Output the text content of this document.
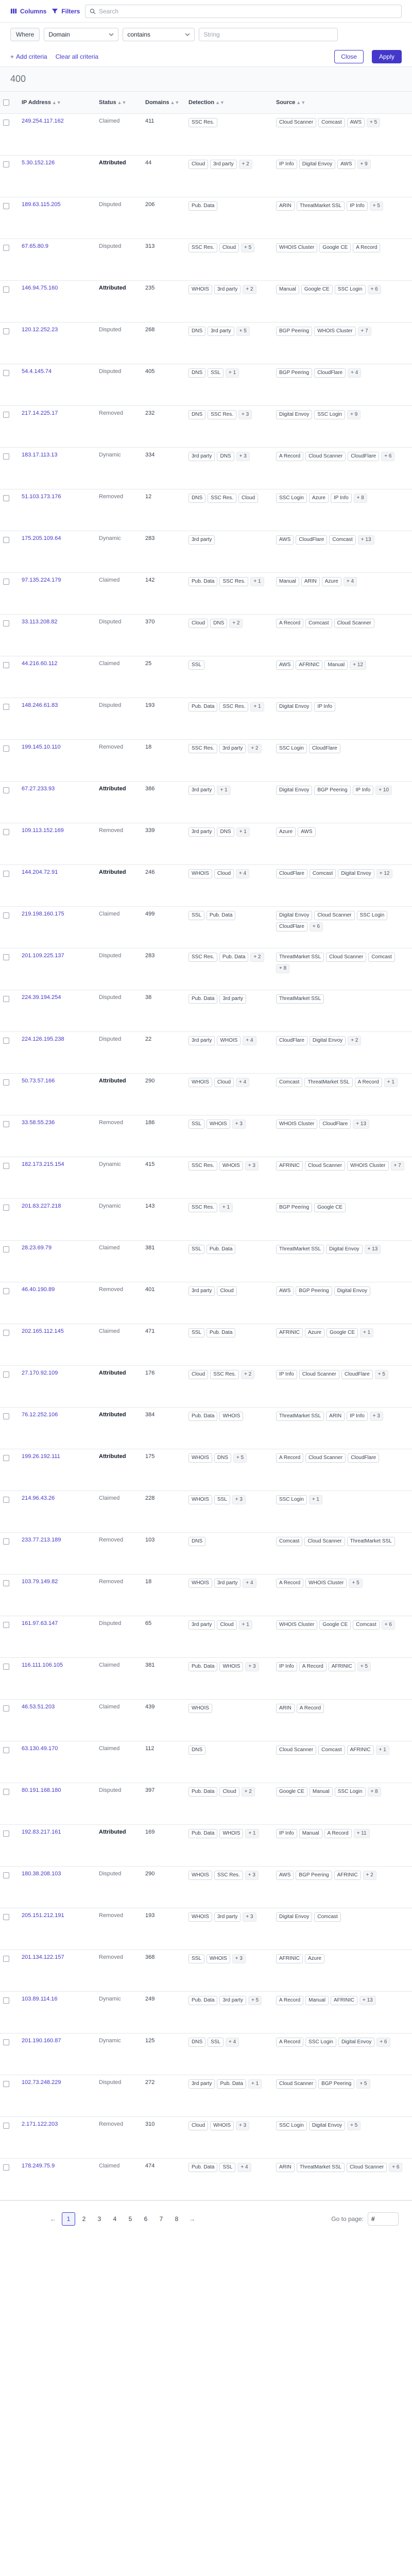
Columns Filters
Search
Where	Domain	contains
String
+ Add criteria Clear all criteria	Close	Apply
400
	IP Address ▲▼	Status ▲▼	Domains ▲▼	Detection ▲▼	Source ▲▼
	249.254.117.162	Claimed	411	SSC Res.	Cloud Scanner Comcast AWS + 5

	5.30.152.126	Attributed	44	Cloud 3rd party + 2	IP Info Digital Envoy AWS + 9

	189.63.115.205	Disputed	206	Pub. Data	ARIN ThreatMarket SSL IP Info + 5

	67.65.80.9	Disputed	313	SSC Res. Cloud + 5	WHOIS Cluster Google CE A Record

	146.94.75.160	Attributed	235	WHOIS 3rd party + 2	Manual Google CE SSC Login + 6

	120.12.252.23	Disputed	268	DNS 3rd party + 5	BGP Peering WHOIS Cluster + 7

	54.4.145.74	Disputed	405	DNS SSL + 1	BGP Peering CloudFlare + 4

	217.14.225.17	Removed	232	DNS SSC Res. + 3	Digital Envoy SSC Login + 9

	183.17.113.13	Dynamic	334	3rd party DNS + 3	A Record Cloud Scanner CloudFlare + 6

	51.103.173.176	Removed	12	DNS SSC Res. Cloud	SSC Login Azure IP Info + 8

	175.205.109.64	Dynamic	283	3rd party	AWS CloudFlare Comcast + 13

	97.135.224.179	Claimed	142	Pub. Data SSC Res. + 1	Manual ARIN Azure + 4

	33.113.208.82	Disputed	370	Cloud DNS + 2	A Record Comcast Cloud Scanner

	44.216.60.112	Claimed	25	SSL	AWS AFRINIC Manual + 12

	148.246.61.83	Disputed	193	Pub. Data SSC Res. + 1	Digital Envoy IP Info

	199.145.10.110	Removed	18	SSC Res. 3rd party + 2	SSC Login CloudFlare

	67.27.233.93	Attributed	386	3rd party + 1	Digital Envoy BGP Peering IP Info + 10

	109.113.152.169	Removed	339	3rd party DNS + 1	Azure AWS

	144.204.72.91	Attributed	246	WHOIS Cloud + 4	CloudFlare Comcast Digital Envoy + 12

	219.198.160.175	Claimed	499	SSL Pub. Data	Digital Envoy Cloud Scanner SSC Login
CloudFlare + 6

	201.109.225.137	Disputed	283	SSC Res. Pub. Data + 2	ThreatMarket SSL Cloud Scanner Comcast
+ 8

	224.39.194.254	Disputed	38	Pub. Data 3rd party	ThreatMarket SSL

	224.126.195.238	Disputed	22	3rd party WHOIS + 4	CloudFlare Digital Envoy + 2

	50.73.57.166	Attributed	290	WHOIS Cloud + 4	Comcast ThreatMarket SSL A Record + 1

	33.58.55.236	Removed	186	SSL WHOIS + 3	WHOIS Cluster CloudFlare + 13

	182.173.215.154	Dynamic	415	SSC Res. WHOIS + 3	AFRINIC Cloud Scanner WHOIS Cluster + 7

	201.83.227.218	Dynamic	143	SSC Res. + 1	BGP Peering Google CE

	28.23.69.79	Claimed	381	SSL Pub. Data	ThreatMarket SSL Digital Envoy + 13

	46.40.190.89	Removed	401	3rd party Cloud	AWS BGP Peering Digital Envoy

	202.165.112.145	Claimed	471	SSL Pub. Data	AFRINIC Azure Google CE + 1

	27.170.92.109	Attributed	176	Cloud SSC Res. + 2	IP Info Cloud Scanner CloudFlare + 5

	76.12.252.106	Attributed	384	Pub. Data WHOIS	ThreatMarket SSL ARIN IP Info + 3

	199.26.192.111	Attributed	175	WHOIS DNS + 5	A Record Cloud Scanner CloudFlare

	214.96.43.26	Claimed	228	WHOIS SSL + 3	SSC Login + 1

	233.77.213.189	Removed	103	DNS	Comcast Cloud Scanner ThreatMarket SSL

	103.79.149.82	Removed	18	WHOIS 3rd party + 4	A Record WHOIS Cluster + 5

	161.97.63.147	Disputed	65	3rd party Cloud + 1	WHOIS Cluster Google CE Comcast + 6

	116.111.106.105	Claimed	381	Pub. Data WHOIS + 3	IP Info A Record AFRINIC + 5

	46.53.51.203	Claimed	439	WHOIS	ARIN A Record

	63.130.49.170	Claimed	112	DNS	Cloud Scanner Comcast AFRINIC + 1

	80.191.168.180	Disputed	397	Pub. Data Cloud + 2	Google CE Manual SSC Login + 8

	192.83.217.161	Attributed	169	Pub. Data WHOIS + 1	IP Info Manual A Record + 11

	180.38.208.103	Disputed	290	WHOIS SSC Res. + 3	AWS BGP Peering AFRINIC + 2

	205.151.212.191	Removed	193	WHOIS 3rd party + 3	Digital Envoy Comcast

	201.134.122.157	Removed	368	SSL WHOIS + 3	AFRINIC Azure

	103.89.114.16	Dynamic	249	Pub. Data 3rd party + 5	A Record Manual AFRINIC + 13

	201.190.160.87	Dynamic	125	DNS SSL + 4	A Record SSC Login Digital Envoy + 6

	102.73.248.229	Disputed	272	3rd party Pub. Data + 1	Cloud Scanner BGP Peering + 5

	2.171.122.203	Removed	310	Cloud WHOIS + 3	SSC Login Digital Envoy + 5

	178.249.75.9	Claimed	474	Pub. Data SSL + 4	ARIN ThreatMarket SSL Cloud Scanner + 6
←	1	2	3	4	5	6	7	8	→	Go to page:
#
